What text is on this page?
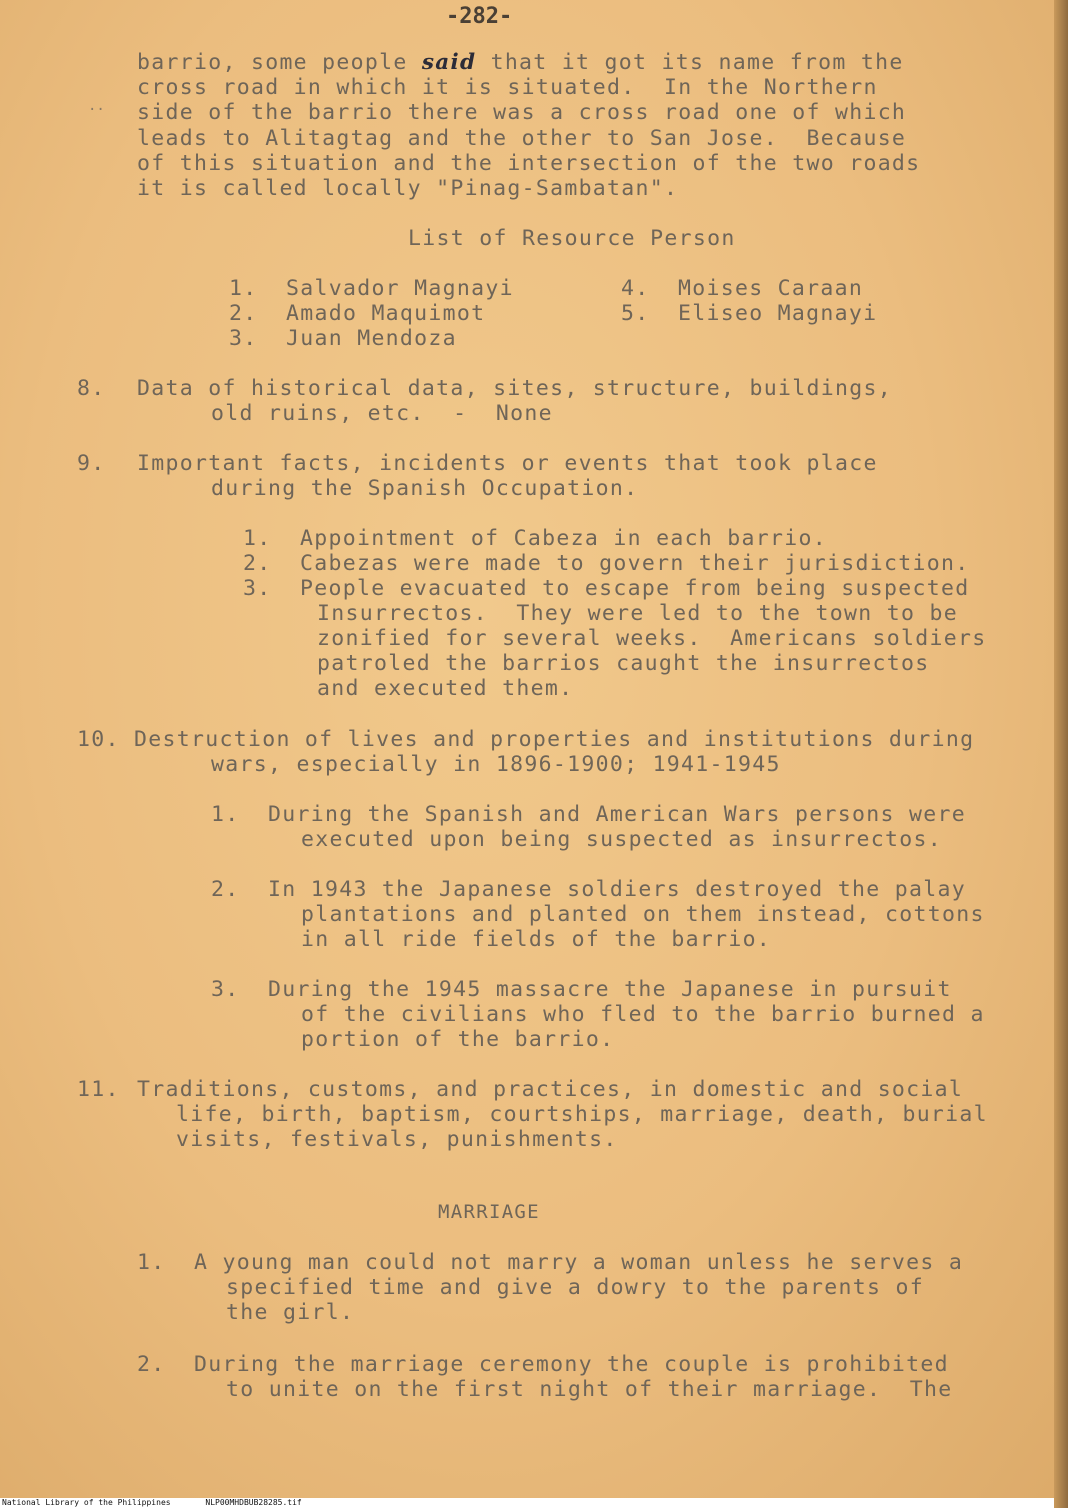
-282-
barrio, some people said that it got its name from the
cross road in which it is situated.  In the Northern
side of the barrio there was a cross road one of which
leads to Alitagtag and the other to San Jose.  Because
of this situation and the intersection of the two roads
it is called locally "Pinag-Sambatan".
..
List of Resource Person
1.  Salvador Magnayi
2.  Amado Maquimot
3.  Juan Mendoza
4.  Moises Caraan
5.  Eliseo Magnayi
8. Data of historical data, sites, structure, buildings,
old ruins, etc.  -  None
9. Important facts, incidents or events that took place
during the Spanish Occupation.
1.  Appointment of Cabeza in each barrio.
2.  Cabezas were made to govern their jurisdiction.
3.  People evacuated to escape from being suspected
Insurrectos.  They were led to the town to be
zonified for several weeks.  Americans soldiers
patroled the barrios caught the insurrectos
and executed them.
10. Destruction of lives and properties and institutions during
wars, especially in 1896-1900; 1941-1945
1.  During the Spanish and American Wars persons were
executed upon being suspected as insurrectos.
2.  In 1943 the Japanese soldiers destroyed the palay
plantations and planted on them instead, cottons
in all ride fields of the barrio.
3.  During the 1945 massacre the Japanese in pursuit
of the civilians who fled to the barrio burned a
portion of the barrio.
11. Traditions, customs, and practices, in domestic and social
life, birth, baptism, courtships, marriage, death, burial
visits, festivals, punishments.
MARRIAGE
1.  A young man could not marry a woman unless he serves a
specified time and give a dowry to the parents of
the girl.
2.  During the marriage ceremony the couple is prohibited
to unite on the first night of their marriage.  The
National Library of the Philippines	NLP00MHDBUB28285.tif
